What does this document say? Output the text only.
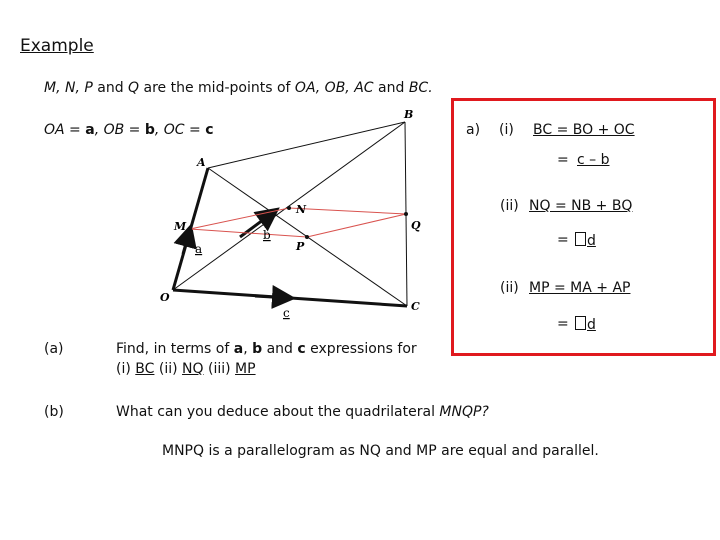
Example
M, N, P and Q are the mid-points of OA, OB, AC and BC.
OA = a, OB = b, OC = c
A
B
C
O
M
N
P
Q
a
b
c
a) (i) BC = BO + OC
= c – b
(ii) NQ = NB + BQ
=	d
(ii) MP = MA + AP
=	d
(a)	Find, in terms of a, b and c expressions for
(i) BC (ii) NQ (iii) MP
(b)	What can you deduce about the quadrilateral MNQP?
MNPQ is a parallelogram as NQ and MP are equal and parallel.
